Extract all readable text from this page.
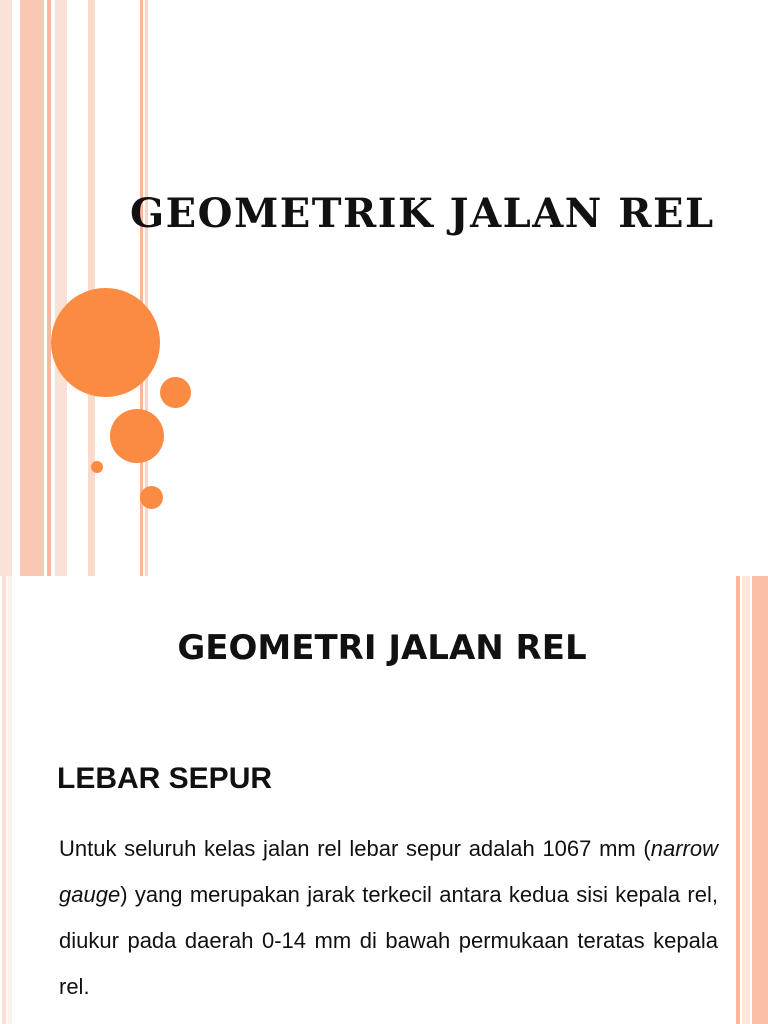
GEOMETRIK JALAN REL
GEOMETRI JALAN REL
LEBAR SEPUR
Untuk seluruh kelas jalan rel lebar sepur adalah 1067 mm (narrow gauge) yang merupakan jarak terkecil antara kedua sisi kepala rel, diukur pada daerah 0-14 mm di bawah permukaan teratas kepala rel.
